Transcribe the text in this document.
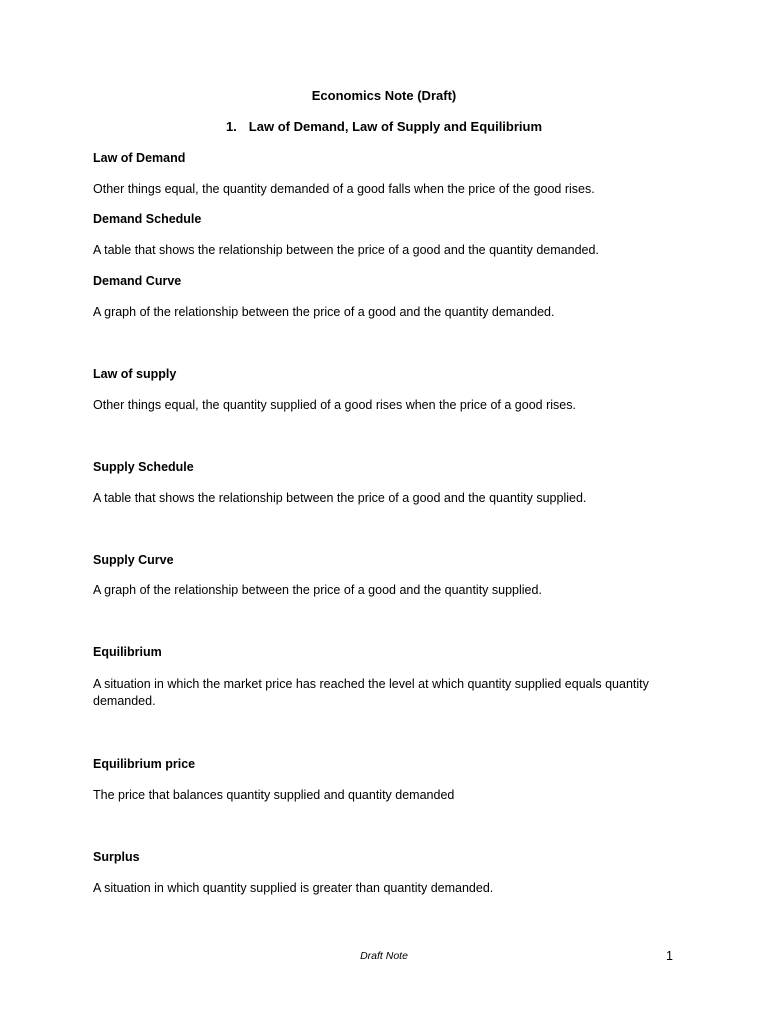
Economics Note (Draft)
1. Law of Demand, Law of Supply and Equilibrium
Law of Demand
Other things equal, the quantity demanded of a good falls when the price of the good rises.
Demand Schedule
A table that shows the relationship between the price of a good and the quantity demanded.
Demand Curve
A graph of the relationship between the price of a good and the quantity demanded.
Law of supply
Other things equal, the quantity supplied of a good rises when the price of a good rises.
Supply Schedule
A table that shows the relationship between the price of a good and the quantity supplied.
Supply Curve
A graph of the relationship between the price of a good and the quantity supplied.
Equilibrium
A situation in which the market price has reached the level at which quantity supplied equals quantity demanded.
Equilibrium price
The price that balances quantity supplied and quantity demanded
Surplus
A situation in which quantity supplied is greater than quantity demanded.
Draft Note	1
